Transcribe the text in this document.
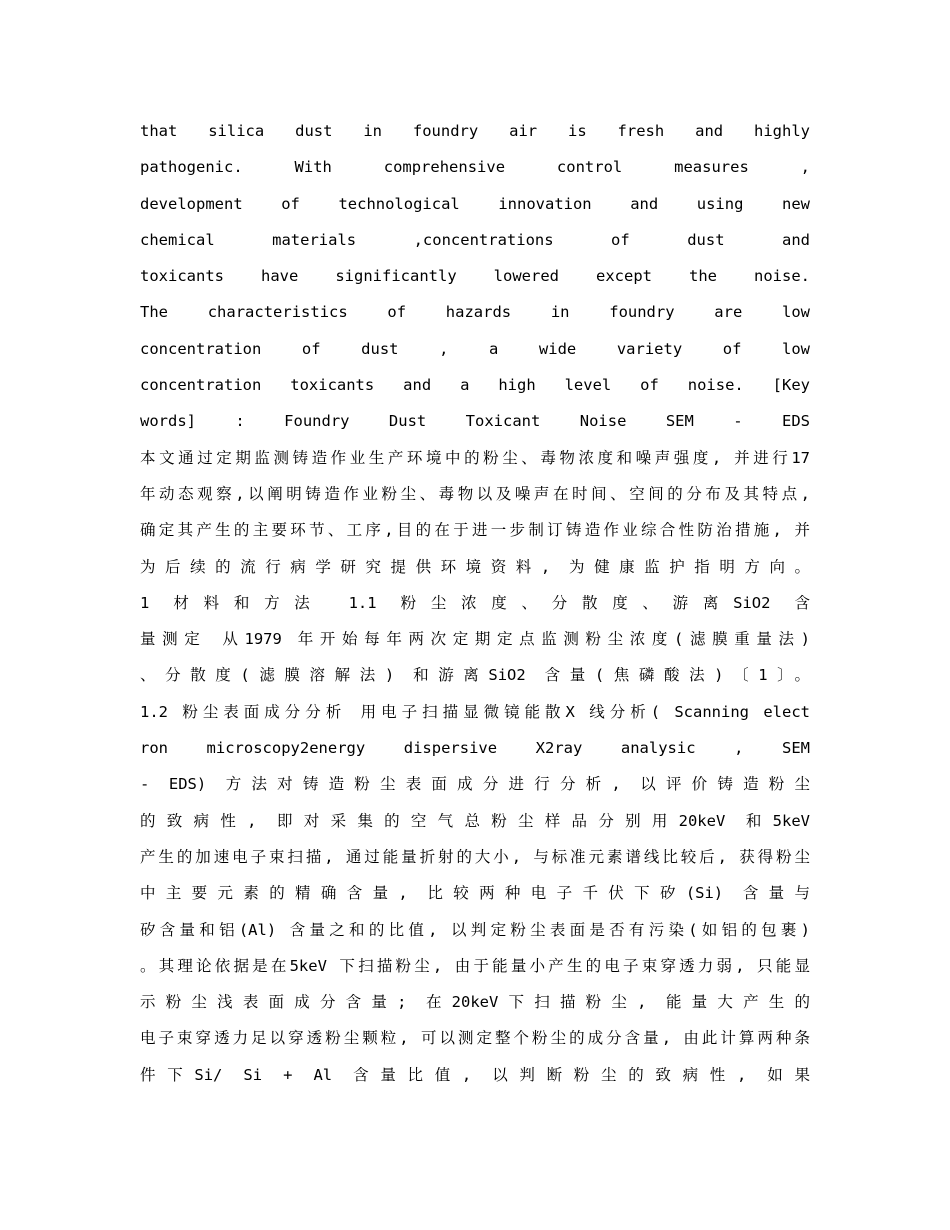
that silica dust in foundry air is fresh and highly
pathogenic. With comprehensive control measures ,
development of technological innovation and using new
chemical materials ,concentrations of dust and
toxicants have significantly lowered except the noise.
The characteristics of hazards in foundry are low
concentration of dust , a wide variety of low
concentration toxicants and a high level of noise. [Key
words] : Foundry Dust Toxicant Noise SEM - EDS
本文通过定期监测铸造作业生产环境中的粉尘、毒物浓度和噪声强度, 并进行17
年动态观察,以阐明铸造作业粉尘、毒物以及噪声在时间、空间的分布及其特点,
确定其产生的主要环节、工序,目的在于进一步制订铸造作业综合性防治措施, 并
为后续的流行病学研究提供环境资料, 为健康监护指明方向。
1 材料和方法 1.1 粉尘浓度、分散度、游离SiO2 含
量测定 从1979 年开始每年两次定期定点监测粉尘浓度(滤膜重量法)
、分散度(滤膜溶解法) 和游离SiO2 含量(焦磷酸法)〔1〕。
1.2 粉尘表面成分分析 用电子扫描显微镜能散X 线分析( Scanning elect
ron microscopy2energy dispersive X2ray analysic , SEM
- EDS) 方法对铸造粉尘表面成分进行分析, 以评价铸造粉尘
的致病性, 即对采集的空气总粉尘样品分别用20keV 和5keV
产生的加速电子束扫描, 通过能量折射的大小, 与标准元素谱线比较后, 获得粉尘
中主要元素的精确含量, 比较两种电子千伏下矽(Si) 含量与
矽含量和铝(Al) 含量之和的比值, 以判定粉尘表面是否有污染(如铝的包裹)
。其理论依据是在5keV 下扫描粉尘, 由于能量小产生的电子束穿透力弱, 只能显
示粉尘浅表面成分含量; 在20keV下扫描粉尘, 能量大产生的
电子束穿透力足以穿透粉尘颗粒, 可以测定整个粉尘的成分含量, 由此计算两种条
件下Si/ Si + Al 含量比值, 以判断粉尘的致病性, 如果
